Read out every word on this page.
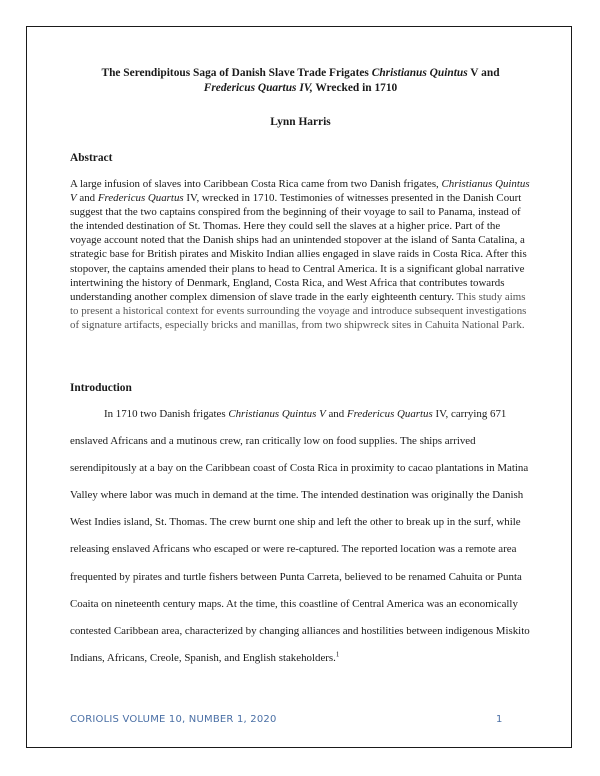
The Serendipitous Saga of Danish Slave Trade Frigates Christianus Quintus V and
Fredericus Quartus IV, Wrecked in 1710

Lynn Harris

Abstract

A large infusion of slaves into Caribbean Costa Rica came from two Danish frigates, Christianus Quintus V and Fredericus Quartus IV, wrecked in 1710. Testimonies of witnesses presented in the Danish Court suggest that the two captains conspired from the beginning of their voyage to sail to Panama, instead of the intended destination of St. Thomas. Here they could sell the slaves at a higher price. Part of the voyage account noted that the Danish ships had an unintended stopover at the island of Santa Catalina, a strategic base for British pirates and Miskito Indian allies engaged in slave raids in Costa Rica. After this stopover, the captains amended their plans to head to Central America. It is a significant global narrative intertwining the history of Denmark, England, Costa Rica, and West Africa that contributes towards understanding another complex dimension of slave trade in the early eighteenth century. This study aims to present a historical context for events surrounding the voyage and introduce subsequent investigations of signature artifacts, especially bricks and manillas, from two shipwreck sites in Cahuita National Park.

Introduction

In 1710 two Danish frigates Christianus Quintus V and Fredericus Quartus IV, carrying 671 enslaved Africans and a mutinous crew, ran critically low on food supplies. The ships arrived serendipitously at a bay on the Caribbean coast of Costa Rica in proximity to cacao plantations in Matina Valley where labor was much in demand at the time. The intended destination was originally the Danish West Indies island, St. Thomas. The crew burnt one ship and left the other to break up in the surf, while releasing enslaved Africans who escaped or were re-captured. The reported location was a remote area frequented by pirates and turtle fishers between Punta Carreta, believed to be renamed Cahuita or Punta Coaita on nineteenth century maps. At the time, this coastline of Central America was an economically contested Caribbean area, characterized by changing alliances and hostilities between indigenous Miskito Indians, Africans, Creole, Spanish, and English stakeholders.$^1$

CORIOLIS VOLUME 10, NUMBER 1, 2020	1
